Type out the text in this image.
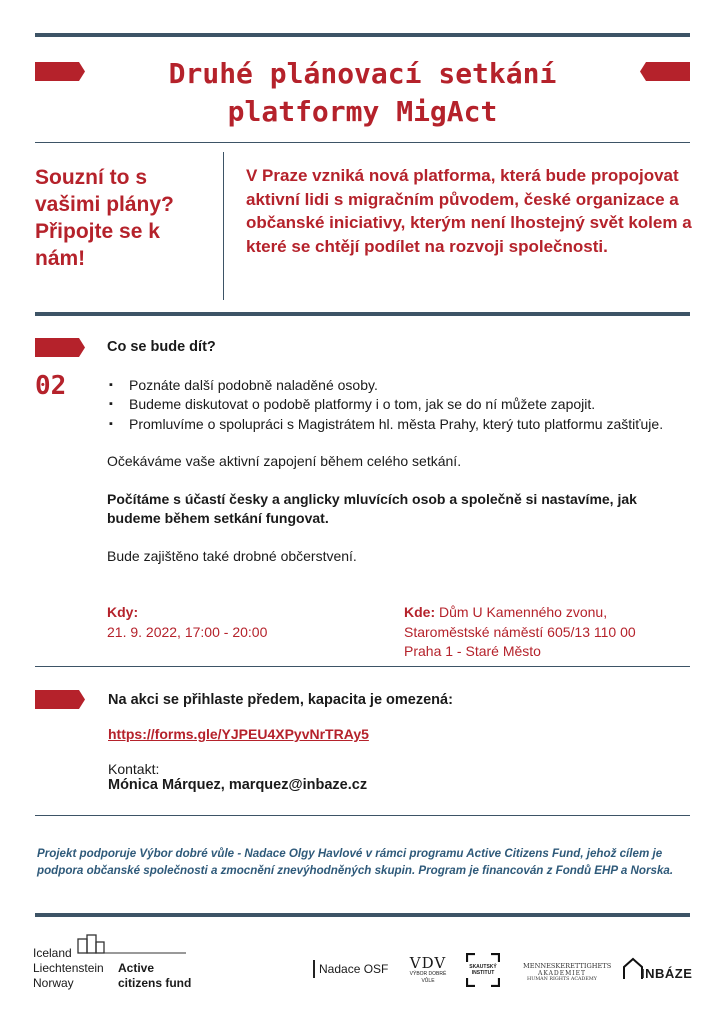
Druhé plánovací setkání
platformy MigAct
Souzní to s vašimi plány? Připojte se k nám!
V Praze vzniká nová platforma, která bude propojovat aktivní lidi s migračním původem, české organizace a občanské iniciativy, kterým není lhostejný svět kolem a které se chtějí podílet na rozvoji společnosti.
02
Co se bude dít?
▪ Poznáte další podobně naladěné osoby.
▪ Budeme diskutovat o podobě platformy i o tom, jak se do ní můžete zapojit.
▪ Promluvíme o spolupráci s Magistrátem hl. města Prahy, který tuto platformu zaštiťuje.
Očekáváme vaše aktivní zapojení během celého setkání.
Počítáme s účastí česky a anglicky mluvících osob a společně si nastavíme, jak budeme během setkání fungovat.
Bude zajištěno také drobné občerstvení.
Kdy:
21. 9. 2022, 17:00 - 20:00
Kde: Dům U Kamenného zvonu,
Staroměstské náměstí 605/13 110 00
Praha 1 - Staré Město
Na akci se přihlaste předem, kapacita je omezená:
https://forms.gle/YJPEU4XPyvNrTRAy5
Kontakt:
Mónica Márquez, marquez@inbaze.cz
Projekt podporuje Výbor dobré vůle - Nadace Olgy Havlové v rámci programu Active Citizens Fund, jehož cílem je podpora občanské společnosti a zmocnění znevýhodněných skupin. Program je financován z Fondů EHP a Norska.
Iceland
Liechtenstein
Norway
Active
citizens fund
Nadace OSF	VDV
VÝBOR DOBRÉ VŮLE
SKAUTSKÝ INSTITUT
MENNESKERETTIGHETS
AKADEMIET
HUMAN RIGHTS ACADEMY	INBÁZE
